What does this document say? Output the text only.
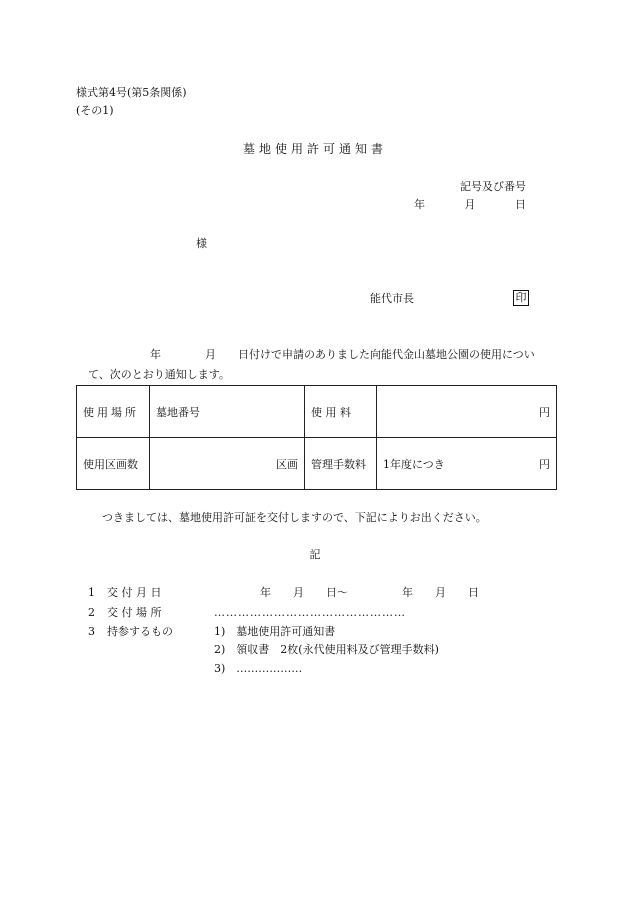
様式第4号(第5条関係)
(その1)
墓地使用許可通知書
記号及び番号
年　　	月　　	日
様
能代市長	印
年	月 日付けで申請のありました向能代金山墓地公園の使用につい
て、次のとおり通知します。
使用場所	墓地番号	使 用 料	円
使用区画数	区画	管理手数料	1年度につき 円
つきましては、墓地使用許可証を交付しますので、下記によりお出ください。
記
1 交 付 月 日	年　　月　　日～	年　　月　　日
2 交 付 場 所	…………………………………………
3 持参するもの	1)　墓地使用許可通知書
2)　領収書　2枚(永代使用料及び管理手数料)
3)　………………
